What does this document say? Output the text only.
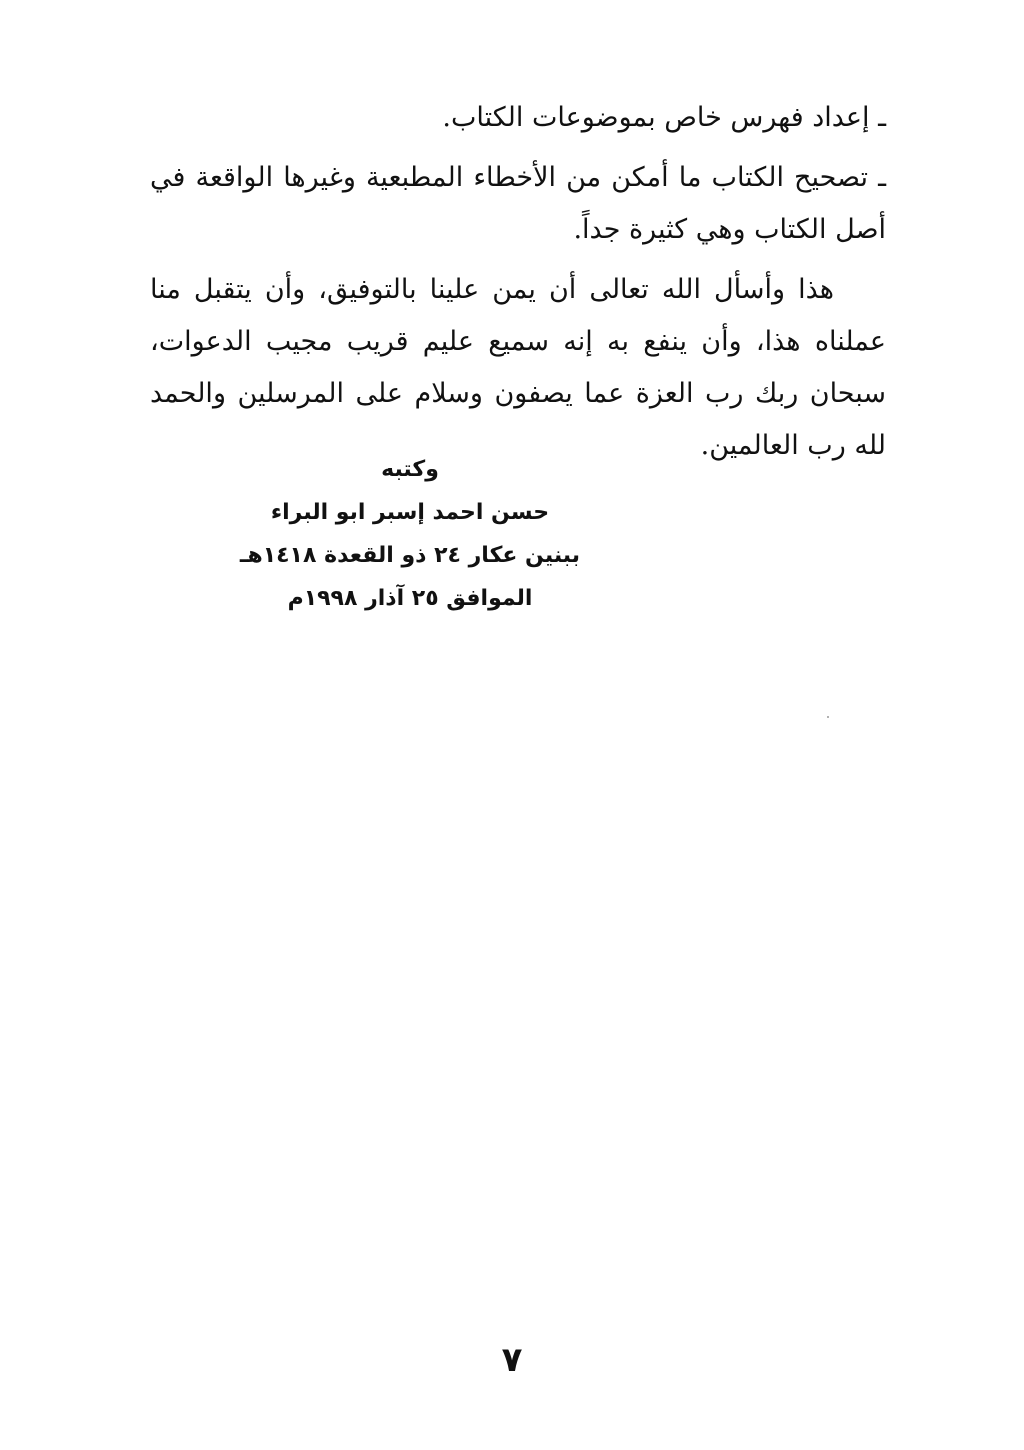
ـ إعداد فهرس خاص بموضوعات الكتاب.

ـ تصحيح الكتاب ما أمكن من الأخطاء المطبعية وغيرها الواقعة في أصل الكتاب وهي كثيرة جداً.

هذا وأسأل الله تعالى أن يمن علينا بالتوفيق، وأن يتقبل منا عملناه هذا، وأن ينفع به إنه سميع عليم قريب مجيب الدعوات، سبحان ربك رب العزة عما يصفون وسلام على المرسلين والحمد لله رب العالمين.

وكتبه
حسن احمد إسبر ابو البراء
ببنين عكار ٢٤ ذو القعدة ١٤١٨هـ
الموافق ٢٥ آذار ١٩٩٨م
٧
